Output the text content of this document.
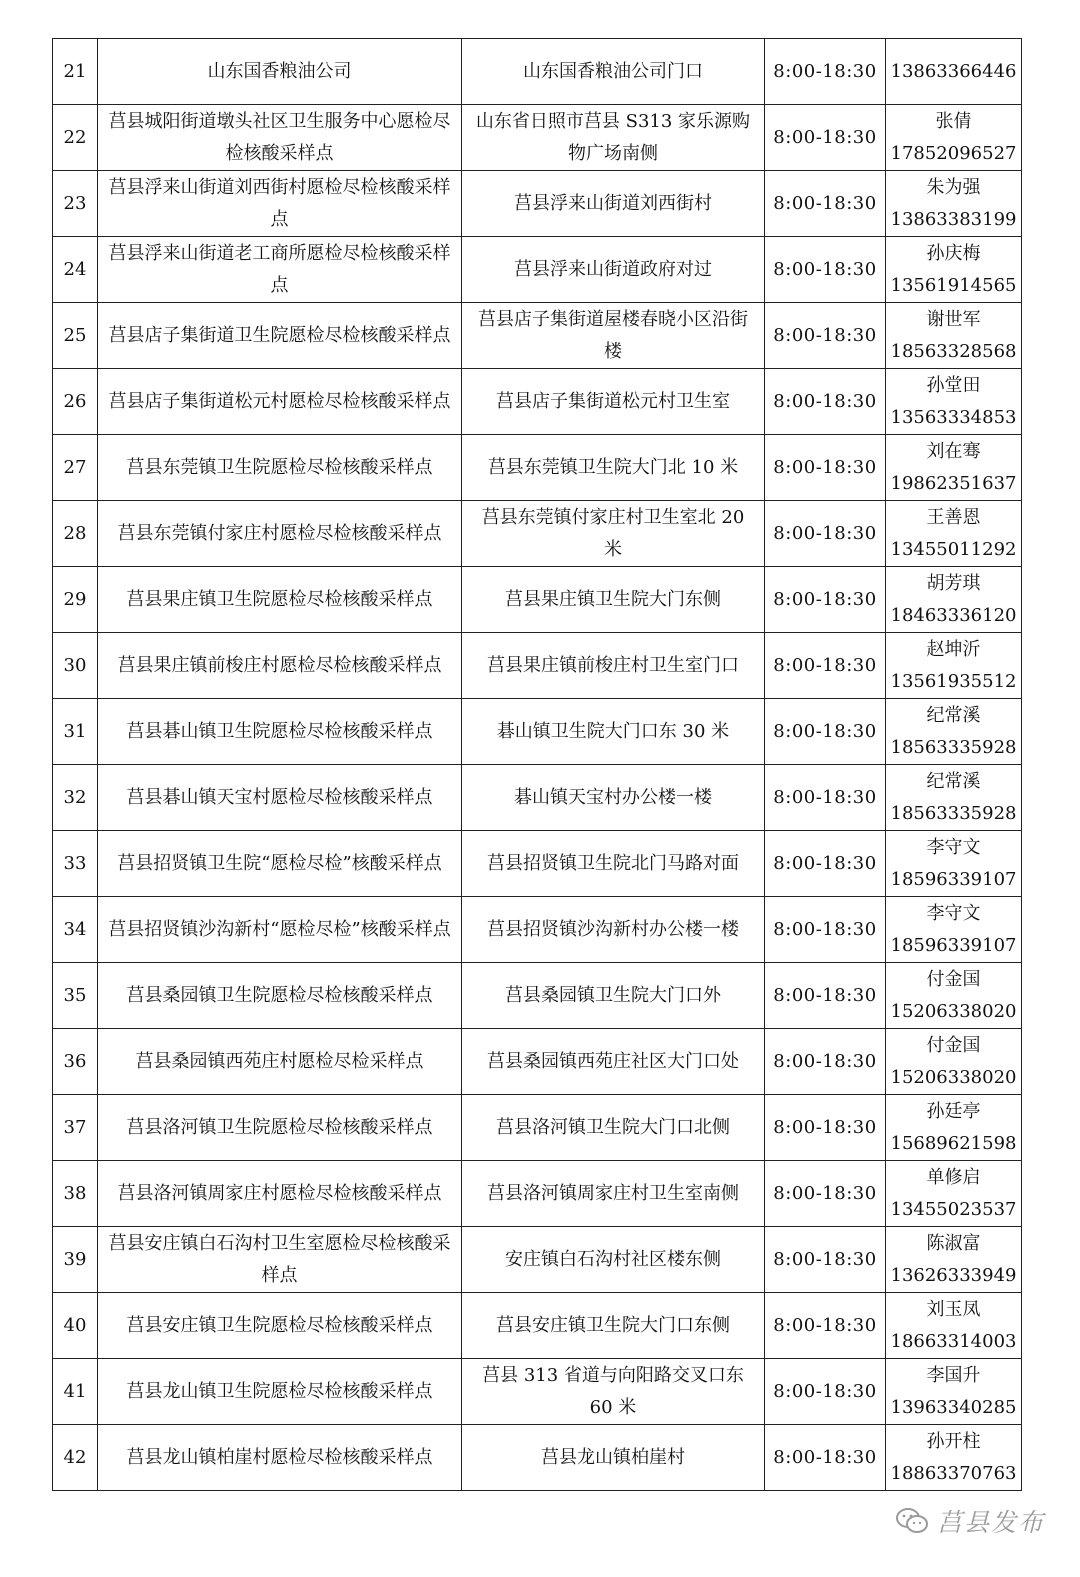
21	山东国香粮油公司	山东国香粮油公司门口	8:00-18:30	13863366446

22	莒县城阳街道墩头社区卫生服务中心愿检尽检核酸采样点	山东省日照市莒县 S313 家乐源购物广场南侧	8:00-18:30	张倩
17852096527

23	莒县浮来山街道刘西街村愿检尽检核酸采样点	莒县浮来山街道刘西街村	8:00-18:30	朱为强
13863383199

24	莒县浮来山街道老工商所愿检尽检核酸采样点	莒县浮来山街道政府对过	8:00-18:30	孙庆梅
13561914565

25	莒县店子集街道卫生院愿检尽检核酸采样点	莒县店子集街道屋楼春晓小区沿街楼	8:00-18:30	谢世军
18563328568

26	莒县店子集街道松元村愿检尽检核酸采样点	莒县店子集街道松元村卫生室	8:00-18:30	孙堂田
13563334853

27	莒县东莞镇卫生院愿检尽检核酸采样点	莒县东莞镇卫生院大门北 10 米	8:00-18:30	刘在骞
19862351637

28	莒县东莞镇付家庄村愿检尽检核酸采样点	莒县东莞镇付家庄村卫生室北 20 米	8:00-18:30	王善恩
13455011292

29	莒县果庄镇卫生院愿检尽检核酸采样点	莒县果庄镇卫生院大门东侧	8:00-18:30	胡芳琪
18463336120

30	莒县果庄镇前梭庄村愿检尽检核酸采样点	莒县果庄镇前梭庄村卫生室门口	8:00-18:30	赵坤沂
13561935512

31	莒县碁山镇卫生院愿检尽检核酸采样点	碁山镇卫生院大门口东 30 米	8:00-18:30	纪常溪
18563335928

32	莒县碁山镇天宝村愿检尽检核酸采样点	碁山镇天宝村办公楼一楼	8:00-18:30	纪常溪
18563335928

33	莒县招贤镇卫生院“愿检尽检”核酸采样点	莒县招贤镇卫生院北门马路对面	8:00-18:30	李守文
18596339107

34	莒县招贤镇沙沟新村“愿检尽检”核酸采样点	莒县招贤镇沙沟新村办公楼一楼	8:00-18:30	李守文
18596339107

35	莒县桑园镇卫生院愿检尽检核酸采样点	莒县桑园镇卫生院大门口外	8:00-18:30	付金国
15206338020

36	莒县桑园镇西苑庄村愿检尽检采样点	莒县桑园镇西苑庄社区大门口处	8:00-18:30	付金国
15206338020

37	莒县洛河镇卫生院愿检尽检核酸采样点	莒县洛河镇卫生院大门口北侧	8:00-18:30	孙廷亭
15689621598

38	莒县洛河镇周家庄村愿检尽检核酸采样点	莒县洛河镇周家庄村卫生室南侧	8:00-18:30	单修启
13455023537

39	莒县安庄镇白石沟村卫生室愿检尽检核酸采样点	安庄镇白石沟村社区楼东侧	8:00-18:30	陈淑富
13626333949

40	莒县安庄镇卫生院愿检尽检核酸采样点	莒县安庄镇卫生院大门口东侧	8:00-18:30	刘玉凤
18663314003

41	莒县龙山镇卫生院愿检尽检核酸采样点	莒县 313 省道与向阳路交叉口东 60 米	8:00-18:30	李国升
13963340285

42	莒县龙山镇柏崖村愿检尽检核酸采样点	莒县龙山镇柏崖村	8:00-18:30	孙开柱
18863370763
莒县发布
